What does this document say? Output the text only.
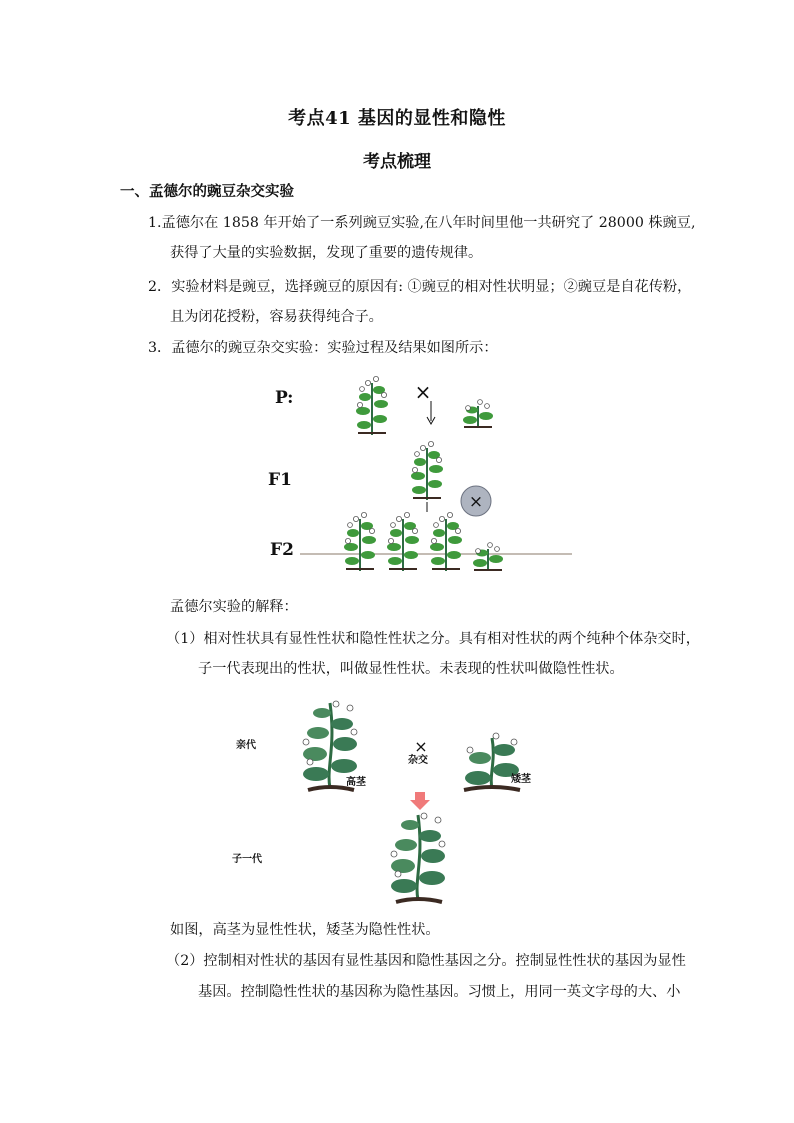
考点41 基因的显性和隐性
考点梳理
一、孟德尔的豌豆杂交实验
1.孟德尔在 1858 年开始了一系列豌豆实验,在八年时间里他一共研究了 28000 株豌豆,
获得了大量的实验数据，发现了重要的遗传规律。
2．实验材料是豌豆，选择豌豆的原因有: ①豌豆的相对性状明显；②豌豆是自花传粉，
且为闭花授粉，容易获得纯合子。
3．孟德尔的豌豆杂交实验：实验过程及结果如图所示：
P:
F1
F2
×
×
孟德尔实验的解释：
（1）相对性状具有显性性状和隐性性状之分。具有相对性状的两个纯种个体杂交时，
子一代表现出的性状，叫做显性性状。未表现的性状叫做隐性性状。
亲代
高茎
×
杂交
矮茎
子一代
如图，高茎为显性性状，矮茎为隐性性状。
（2）控制相对性状的基因有显性基因和隐性基因之分。控制显性性状的基因为显性
基因。控制隐性性状的基因称为隐性基因。习惯上，用同一英文字母的大、小
